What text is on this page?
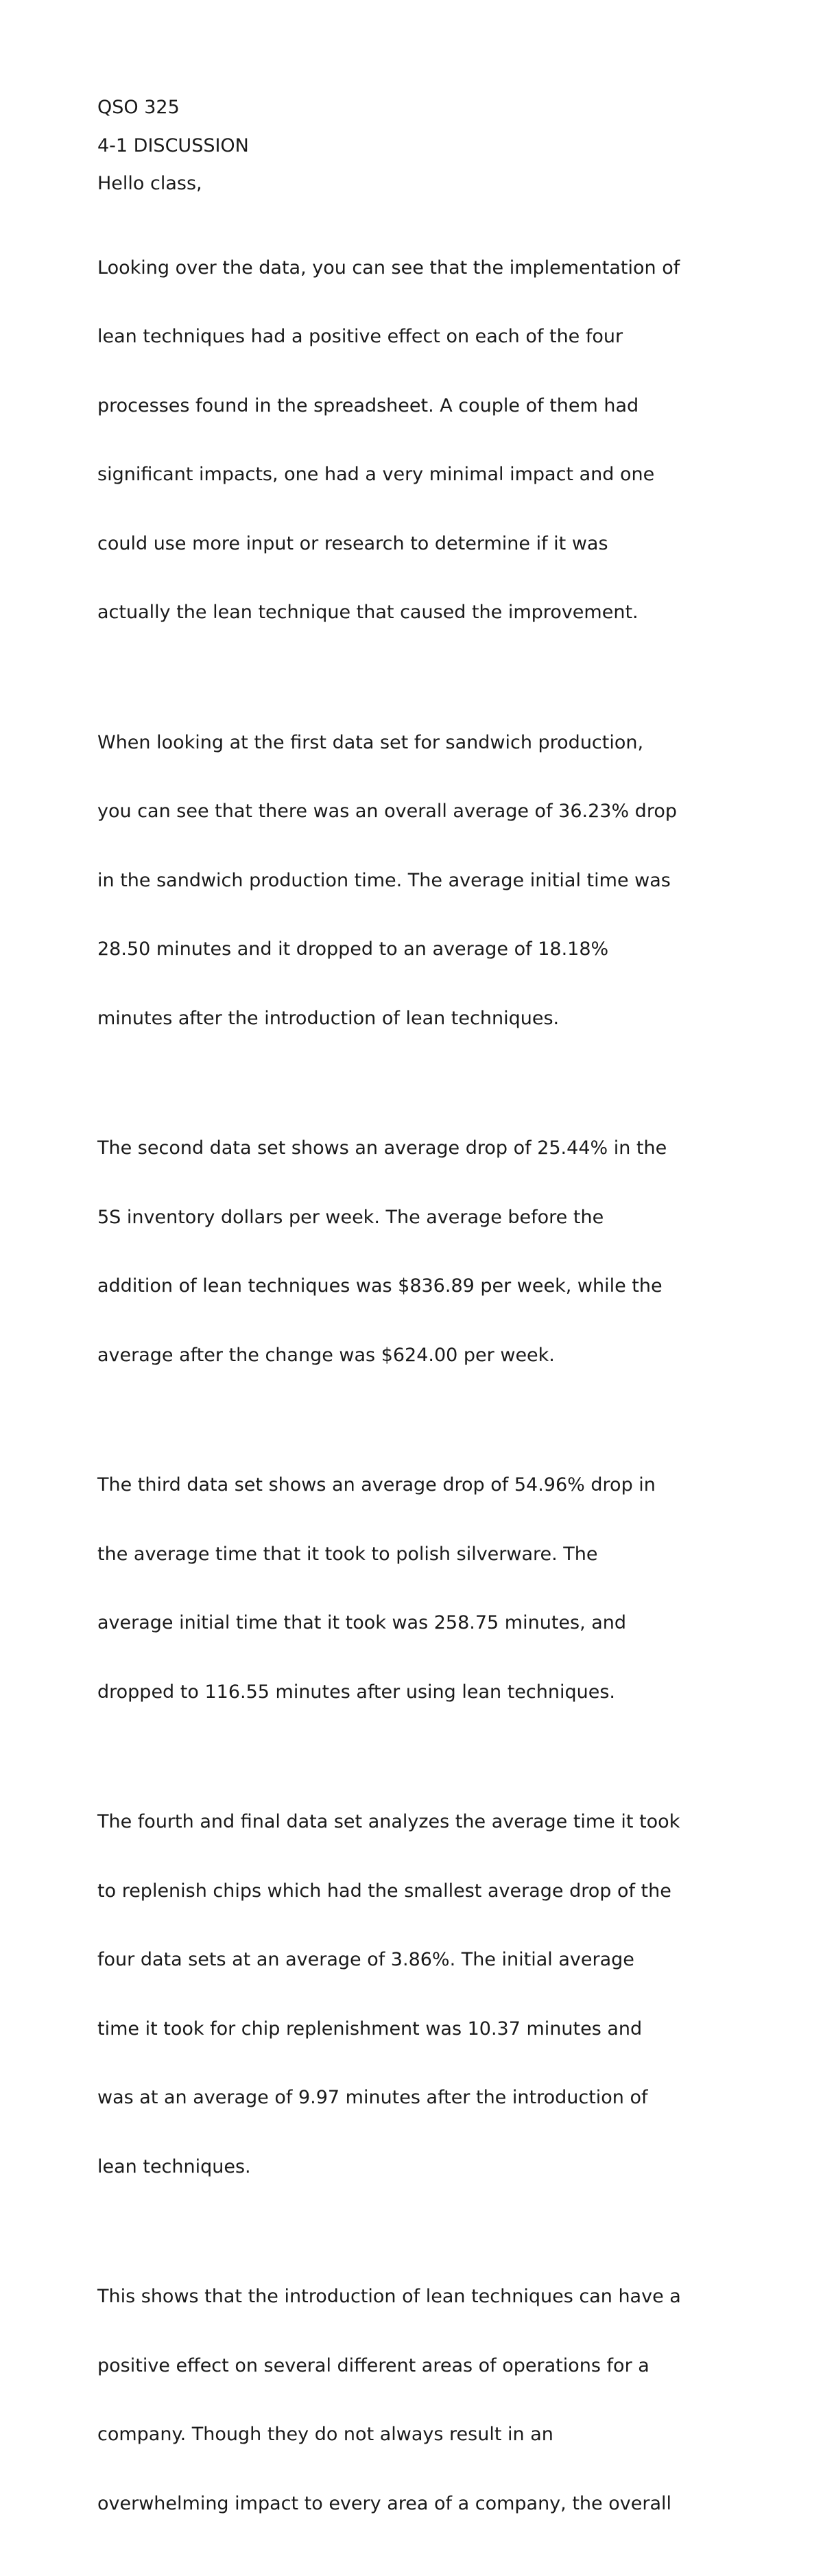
QSO 325

4-1 DISCUSSION

Hello class,

Looking over the data, you can see that the implementation of

lean techniques had a positive effect on each of the four

processes found in the spreadsheet. A couple of them had

significant impacts, one had a very minimal impact and one

could use more input or research to determine if it was

actually the lean technique that caused the improvement.

When looking at the first data set for sandwich production,

you can see that there was an overall average of 36.23% drop

in the sandwich production time. The average initial time was

28.50 minutes and it dropped to an average of 18.18%

minutes after the introduction of lean techniques.

The second data set shows an average drop of 25.44% in the

5S inventory dollars per week. The average before the

addition of lean techniques was $836.89 per week, while the

average after the change was $624.00 per week.

The third data set shows an average drop of 54.96% drop in

the average time that it took to polish silverware. The

average initial time that it took was 258.75 minutes, and

dropped to 116.55 minutes after using lean techniques.

The fourth and final data set analyzes the average time it took

to replenish chips which had the smallest average drop of the

four data sets at an average of 3.86%. The initial average

time it took for chip replenishment was 10.37 minutes and

was at an average of 9.97 minutes after the introduction of

lean techniques.

This shows that the introduction of lean techniques can have a

positive effect on several different areas of operations for a

company. Though they do not always result in an

overwhelming impact to every area of a company, the overall
